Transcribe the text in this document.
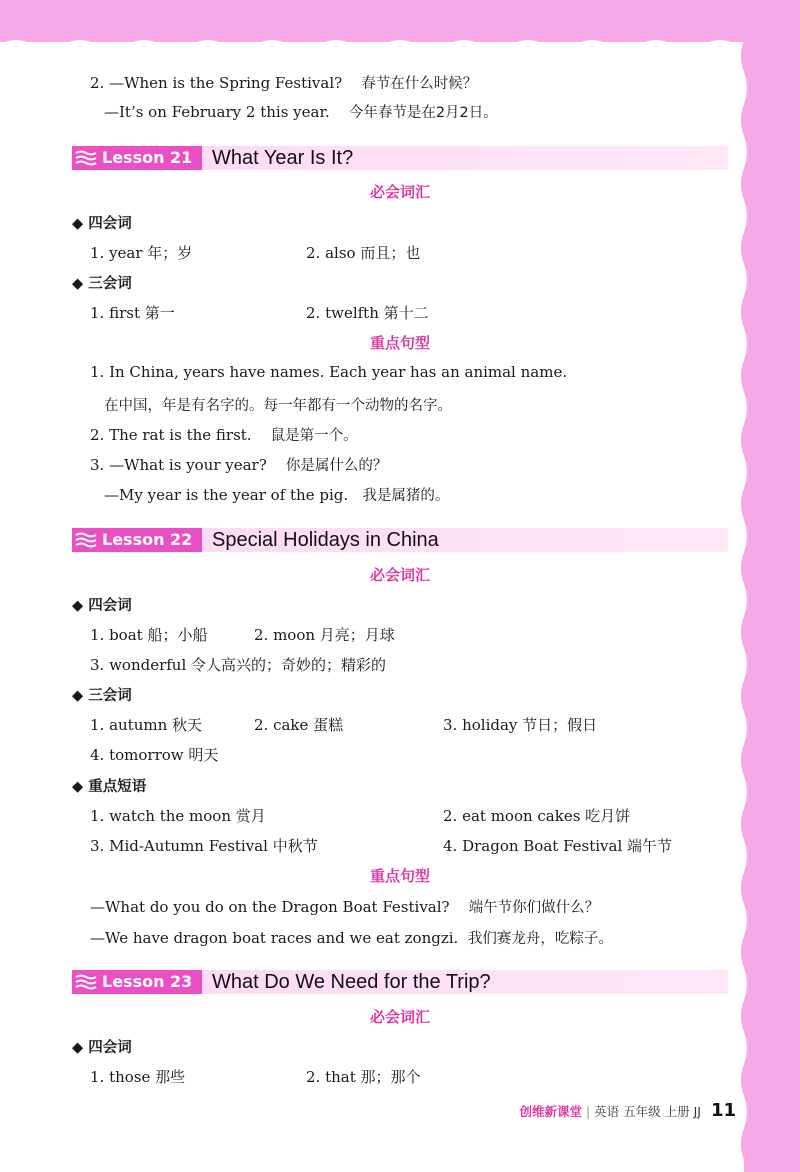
2. —When is the Spring Festival? 春节在什么时候？
—It’s on February 2 this year. 今年春节是在2月2日。
Lesson 21 What Year Is It?
必会词汇
◆ 四会词
1. year 年；岁	2. also 而且；也
◆ 三会词
1. first 第一	2. twelfth 第十二
重点句型
1. In China, years have names. Each year has an animal name.
在中国，年是有名字的。每一年都有一个动物的名字。
2. The rat is the first. 鼠是第一个。
3. —What is your year? 你是属什么的？
—My year is the year of the pig. 我是属猪的。
Lesson 22 Special Holidays in China
必会词汇
◆ 四会词
1. boat 船；小船	2. moon 月亮；月球
3. wonderful 令人高兴的；奇妙的；精彩的
◆ 三会词
1. autumn 秋天	2. cake 蛋糕	3. holiday 节日；假日
4. tomorrow 明天
◆ 重点短语
1. watch the moon 赏月	2. eat moon cakes 吃月饼
3. Mid-Autumn Festival 中秋节	4. Dragon Boat Festival 端午节
重点句型
—What do you do on the Dragon Boat Festival? 端午节你们做什么？
—We have dragon boat races and we eat zongzi. 我们赛龙舟，吃粽子。
Lesson 23 What Do We Need for the Trip?
必会词汇
◆ 四会词
1. those 那些	2. that 那；那个
创维新课堂 | 英语 五年级 上册 JJ 11
